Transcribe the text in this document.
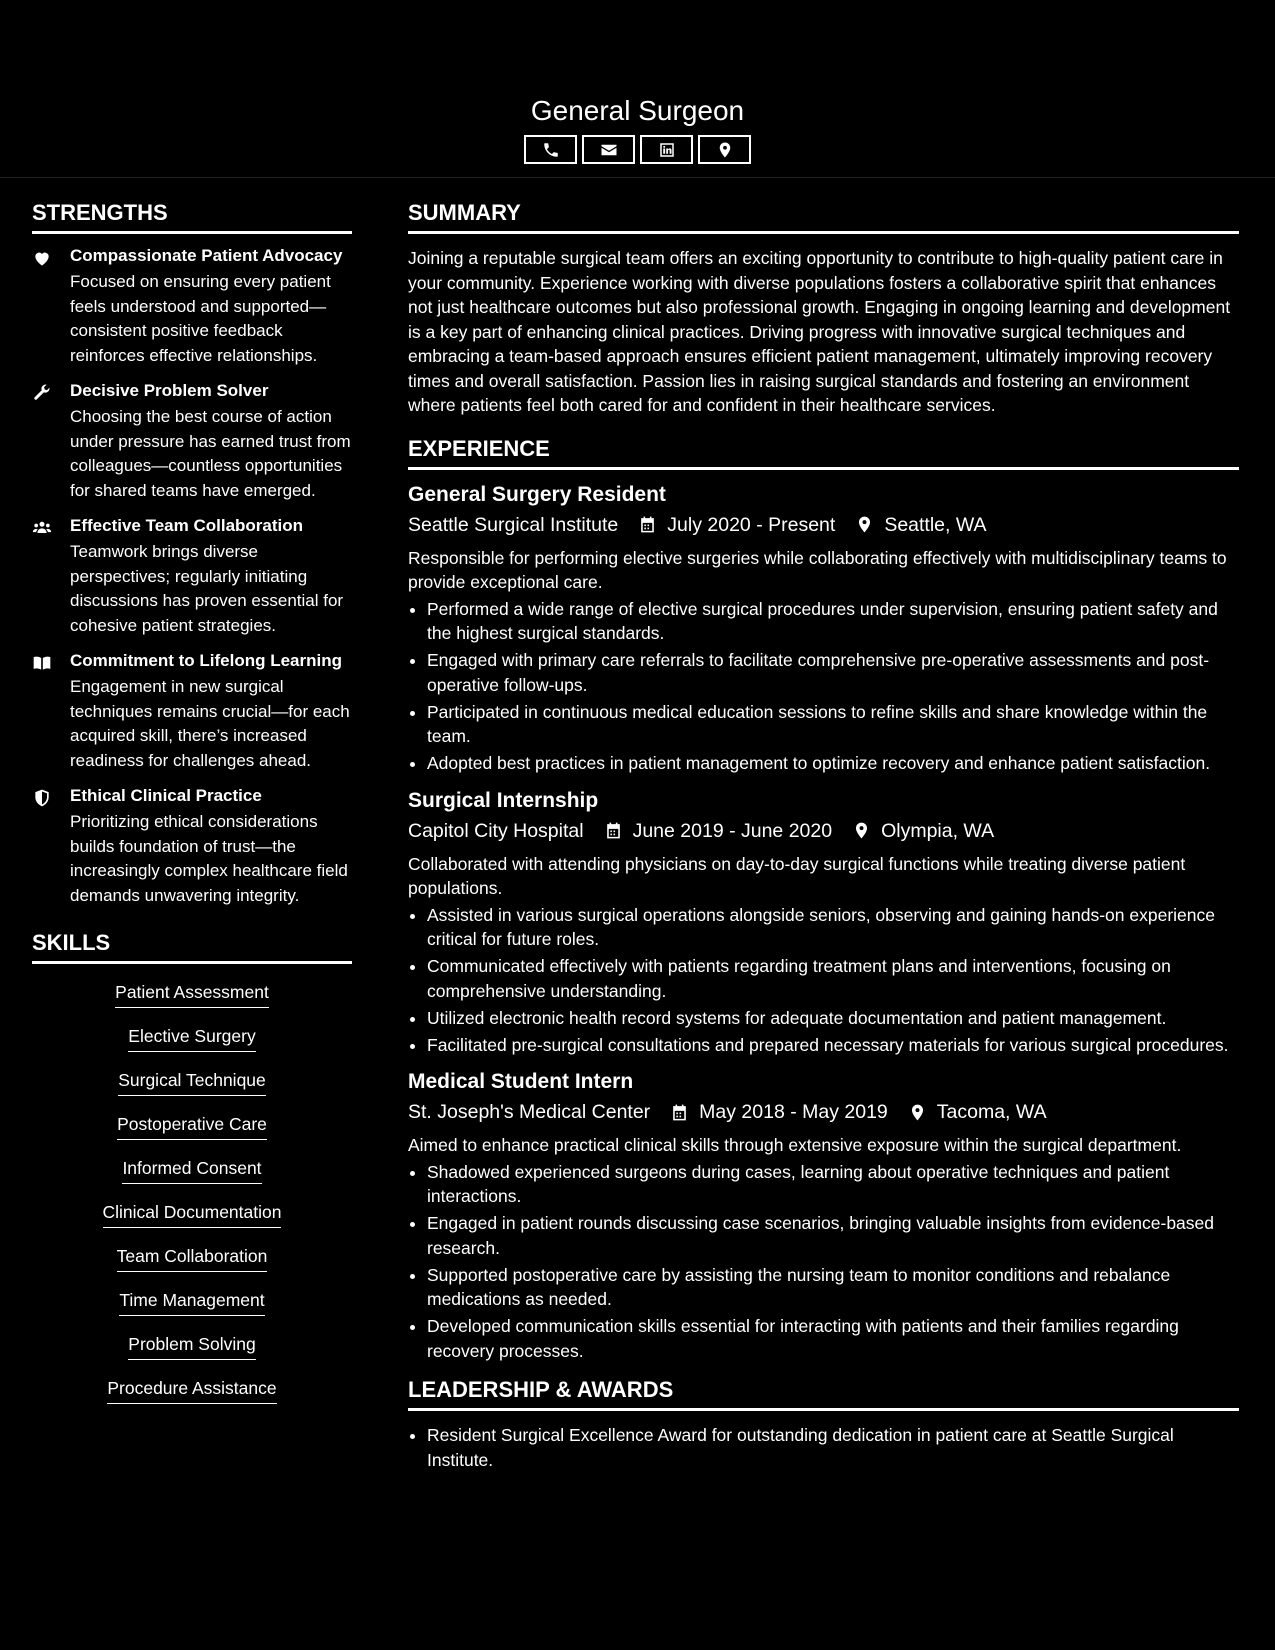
General Surgeon
STRENGTHS
Compassionate Patient Advocacy
Focused on ensuring every patient feels understood and supported—consistent positive feedback reinforces effective relationships.
Decisive Problem Solver
Choosing the best course of action under pressure has earned trust from colleagues—countless opportunities for shared teams have emerged.
Effective Team Collaboration
Teamwork brings diverse perspectives; regularly initiating discussions has proven essential for cohesive patient strategies.
Commitment to Lifelong Learning
Engagement in new surgical techniques remains crucial—for each acquired skill, there’s increased readiness for challenges ahead.
Ethical Clinical Practice
Prioritizing ethical considerations builds foundation of trust—the increasingly complex healthcare field demands unwavering integrity.
SKILLS
Patient Assessment
Elective Surgery
Surgical Technique
Postoperative Care
Informed Consent
Clinical Documentation
Team Collaboration
Time Management
Problem Solving
Procedure Assistance
SUMMARY

Joining a reputable surgical team offers an exciting opportunity to contribute to high-quality patient care in your community. Experience working with diverse populations fosters a collaborative spirit that enhances not just healthcare outcomes but also professional growth. Engaging in ongoing learning and development is a key part of enhancing clinical practices. Driving progress with innovative surgical techniques and embracing a team-based approach ensures efficient patient management, ultimately improving recovery times and overall satisfaction. Passion lies in raising surgical standards and fostering an environment where patients feel both cared for and confident in their healthcare services.

EXPERIENCE
General Surgery Resident
Seattle Surgical Institute	July 2020 - Present	Seattle, WA
Responsible for performing elective surgeries while collaborating effectively with multidisciplinary teams to provide exceptional care.
• Performed a wide range of elective surgical procedures under supervision, ensuring patient safety and the highest surgical standards.
• Engaged with primary care referrals to facilitate comprehensive pre-operative assessments and post-operative follow-ups.
• Participated in continuous medical education sessions to refine skills and share knowledge within the team.
• Adopted best practices in patient management to optimize recovery and enhance patient satisfaction.
Surgical Internship
Capitol City Hospital	June 2019 - June 2020	Olympia, WA
Collaborated with attending physicians on day-to-day surgical functions while treating diverse patient populations.
• Assisted in various surgical operations alongside seniors, observing and gaining hands-on experience critical for future roles.
• Communicated effectively with patients regarding treatment plans and interventions, focusing on comprehensive understanding.
• Utilized electronic health record systems for adequate documentation and patient management.
• Facilitated pre-surgical consultations and prepared necessary materials for various surgical procedures.
Medical Student Intern
St. Joseph's Medical Center	May 2018 - May 2019	Tacoma, WA
Aimed to enhance practical clinical skills through extensive exposure within the surgical department.
• Shadowed experienced surgeons during cases, learning about operative techniques and patient interactions.
• Engaged in patient rounds discussing case scenarios, bringing valuable insights from evidence-based research.
• Supported postoperative care by assisting the nursing team to monitor conditions and rebalance medications as needed.
• Developed communication skills essential for interacting with patients and their families regarding recovery processes.
LEADERSHIP & AWARDS
• Resident Surgical Excellence Award for outstanding dedication in patient care at Seattle Surgical Institute.
